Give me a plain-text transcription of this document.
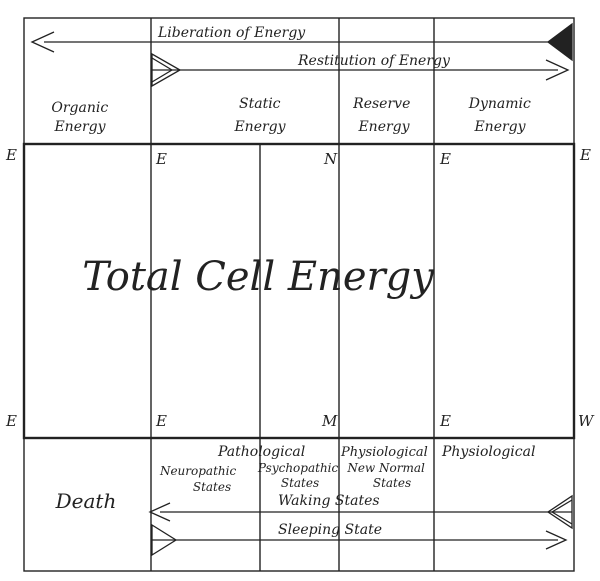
Liberation of Energy
Restitution of Energy
Waking States
Sleeping State
Organic Energy
Static Energy
Reserve Energy
Dynamic Energy
Total Cell Energy
E	E	N	E	E
E	E	M	E	W
Death
Pathological	Physiological Physiological
Neuropathic States
Psychopathic States
New Normal States
